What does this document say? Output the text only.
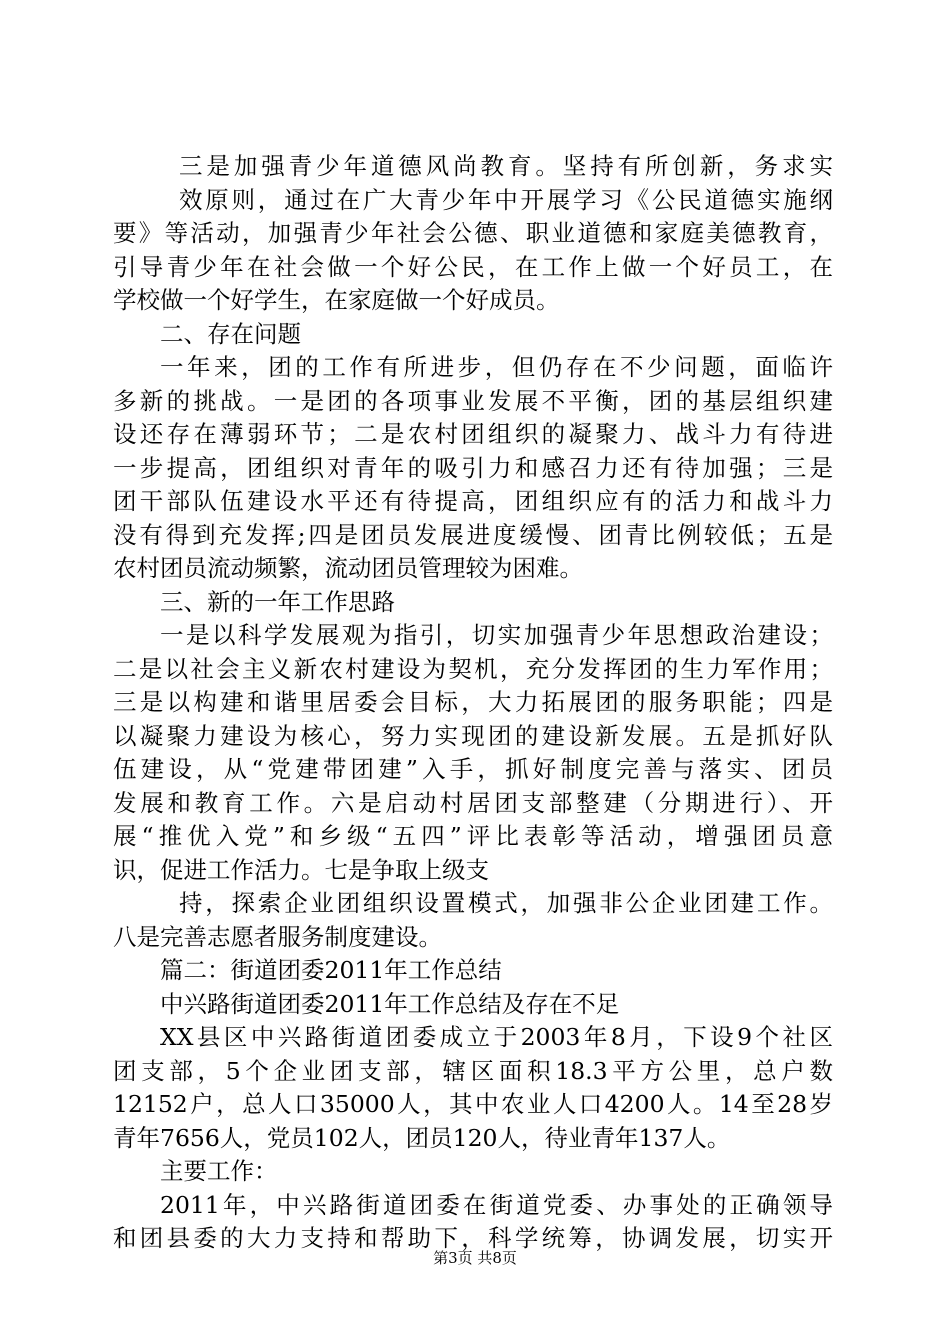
三是加强青少年道德风尚教育。坚持有所创新，务求实
效原则，通过在广大青少年中开展学习《公民道德实施纲
要》等活动，加强青少年社会公德、职业道德和家庭美德教育，
引导青少年在社会做一个好公民，在工作上做一个好员工，在
学校做一个好学生，在家庭做一个好成员。
二、存在问题
一年来，团的工作有所进步，但仍存在不少问题，面临许
多新的挑战。一是团的各项事业发展不平衡，团的基层组织建
设还存在薄弱环节；二是农村团组织的凝聚力、战斗力有待进
一步提高，团组织对青年的吸引力和感召力还有待加强；三是
团干部队伍建设水平还有待提高，团组织应有的活力和战斗力
没有得到充发挥;四是团员发展进度缓慢、团青比例较低；五是
农村团员流动频繁，流动团员管理较为困难。
三、新的一年工作思路
一是以科学发展观为指引，切实加强青少年思想政治建设；
二是以社会主义新农村建设为契机，充分发挥团的生力军作用；
三是以构建和谐里居委会目标，大力拓展团的服务职能；四是
以凝聚力建设为核心，努力实现团的建设新发展。五是抓好队
伍建设，从“党建带团建”入手，抓好制度完善与落实、团员
发展和教育工作。六是启动村居团支部整建（分期进行）、开
展“推优入党”和乡级“五四”评比表彰等活动，增强团员意
识，促进工作活力。七是争取上级支
持，探索企业团组织设置模式，加强非公企业团建工作。
八是完善志愿者服务制度建设。
篇二：街道团委2011年工作总结
中兴路街道团委2011年工作总结及存在不足
XX县区中兴路街道团委成立于2003年8月，下设9个社区
团支部，5个企业团支部，辖区面积18.3平方公里，总户数
12152户，总人口35000人，其中农业人口4200人。14至28岁
青年7656人，党员102人，团员120人，待业青年137人。
主要工作：
2011年，中兴路街道团委在街道党委、办事处的正确领导
和团县委的大力支持和帮助下，科学统筹，协调发展，切实开
第3页 共8页
